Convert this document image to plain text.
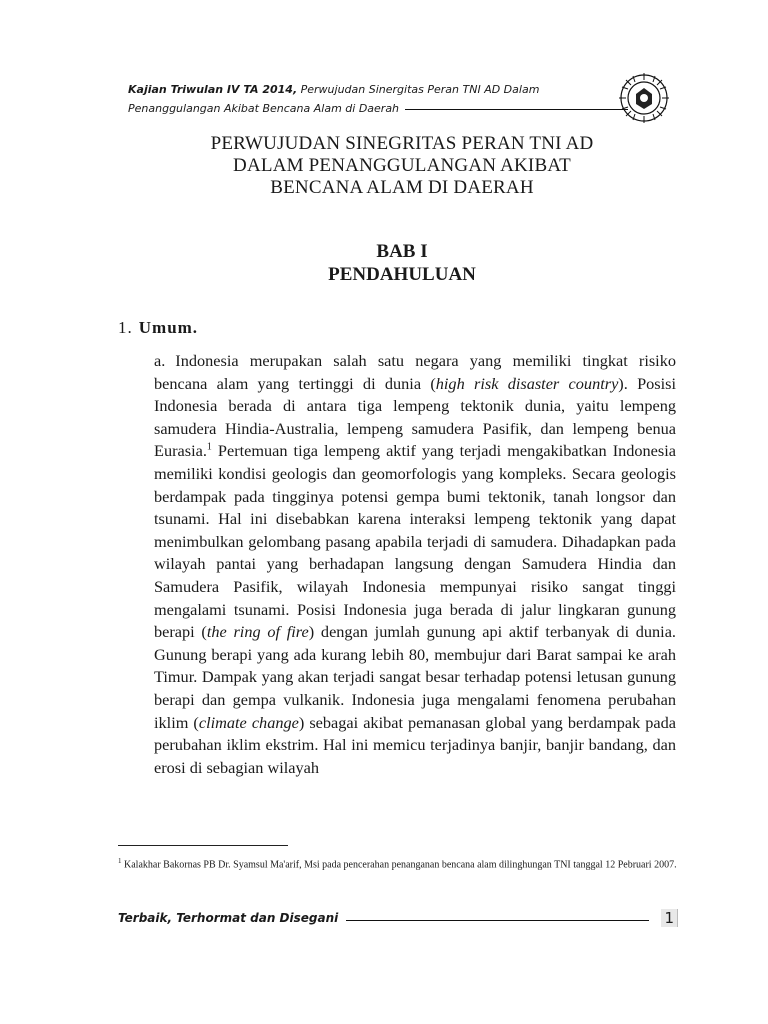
Kajian Triwulan IV TA 2014, Perwujudan Sinergitas Peran TNI AD Dalam
Penanggulangan Akibat Bencana Alam di Daerah
PERWUJUDAN SINEGRITAS PERAN TNI AD
DALAM PENANGGULANGAN AKIBAT
BENCANA ALAM DI DAERAH
BAB I
PENDAHULUAN
1. Umum.

a. Indonesia merupakan salah satu negara yang memiliki tingkat risiko bencana alam yang tertinggi di dunia (high risk disaster country). Posisi Indonesia berada di antara tiga lempeng tektonik dunia, yaitu lempeng samudera Hindia-Australia, lempeng samudera Pasifik, dan lempeng benua Eurasia.$^1$ Pertemuan tiga lempeng aktif yang terjadi mengakibatkan Indonesia memiliki kondisi geologis dan geomorfologis yang kompleks. Secara geologis berdampak pada tingginya potensi gempa bumi tektonik, tanah longsor dan tsunami. Hal ini disebabkan karena interaksi lempeng tektonik yang dapat menimbulkan gelombang pasang apabila terjadi di samudera. Dihadapkan pada wilayah pantai yang berhadapan langsung dengan Samudera Hindia dan Samudera Pasifik, wilayah Indonesia mempunyai risiko sangat tinggi mengalami tsunami. Posisi Indonesia juga berada di jalur lingkaran gunung berapi (the ring of fire) dengan jumlah gunung api aktif terbanyak di dunia. Gunung berapi yang ada kurang lebih 80, membujur dari Barat sampai ke arah Timur. Dampak yang akan terjadi sangat besar terhadap potensi letusan gunung berapi dan gempa vulkanik. Indonesia juga mengalami fenomena perubahan iklim (climate change) sebagai akibat pemanasan global yang berdampak pada perubahan iklim ekstrim. Hal ini memicu terjadinya banjir, banjir bandang, dan erosi di sebagian wilayah

$^1$ Kalakhar Bakornas PB Dr. Syamsul Ma'arif, Msi pada pencerahan penanganan bencana alam dilinghungan TNI tanggal 12 Pebruari 2007.
Terbaik, Terhormat dan Disegani	1
